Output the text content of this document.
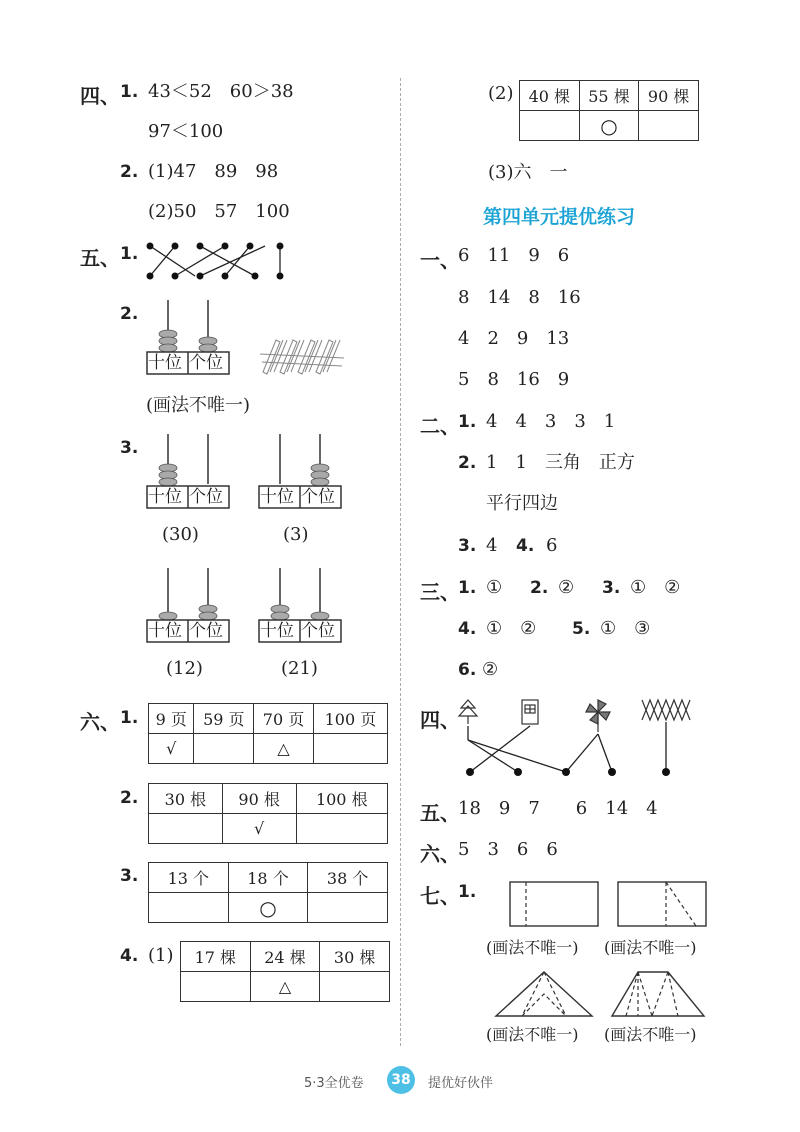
四、 1. 43＜52　60＞38
97＜100
2. (1)47　89　98
(2)50　57　100
五、 1.
2.
十位 个位
(画法不唯一)
3.
十位 个位
(30)
十位 个位
(3)
十位 个位
(12)
十位 个位
(21)
六、 1. 9 页	59 页	70 页	100 页
√		△	
2. 30 根	90 根	100 根
	√	
3. 13 个	18 个	38 个
	○	
4. (1) 17 棵	24 棵	30 棵
	△	
(2) 40 棵	55 棵	90 棵
	○	
(3)六　一
第四单元提优练习
一、
6　11　9　6
8　14　8　16
4　2　9　13
5　8　16　9
二、
1. 4　4　3　3　1
2. 1　1　三角　正方
平行四边
3. 4 4. 6
三、
1. ① 2. ② 3. ①　②
4. ①　② 5. ①　③
6. ②
四、
五、
18　9　7　　6　14　4
六、
5　3　6　6
七、
1.
(画法不唯一) (画法不唯一)
(画法不唯一) (画法不唯一)
5·3全优卷	38	提优好伙伴
